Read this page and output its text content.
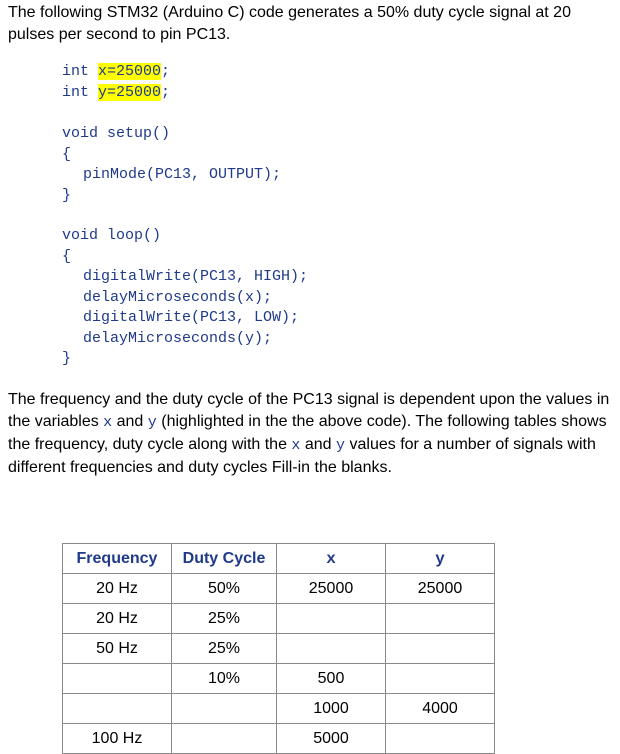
The following STM32 (Arduino C) code generates a 50% duty cycle signal at 20 pulses per second to pin PC13.

int x=25000;
int y=25000;
void setup()
{
pinMode(PC13, OUTPUT);
}
void loop()
{
digitalWrite(PC13, HIGH);
delayMicroseconds(x);
digitalWrite(PC13, LOW);
delayMicroseconds(y);
}

The frequency and the duty cycle of the PC13 signal is dependent upon the values in the variables x and y (highlighted in the the above code). The following tables shows the frequency, duty cycle along with the x and y values for a number of signals with different frequencies and duty cycles Fill-in the blanks.

Frequency	Duty Cycle	x	y
20 Hz	50%	25000	25000
20 Hz	25%		
50 Hz	25%		
	10%	500	
		1000	4000
100 Hz		5000	
